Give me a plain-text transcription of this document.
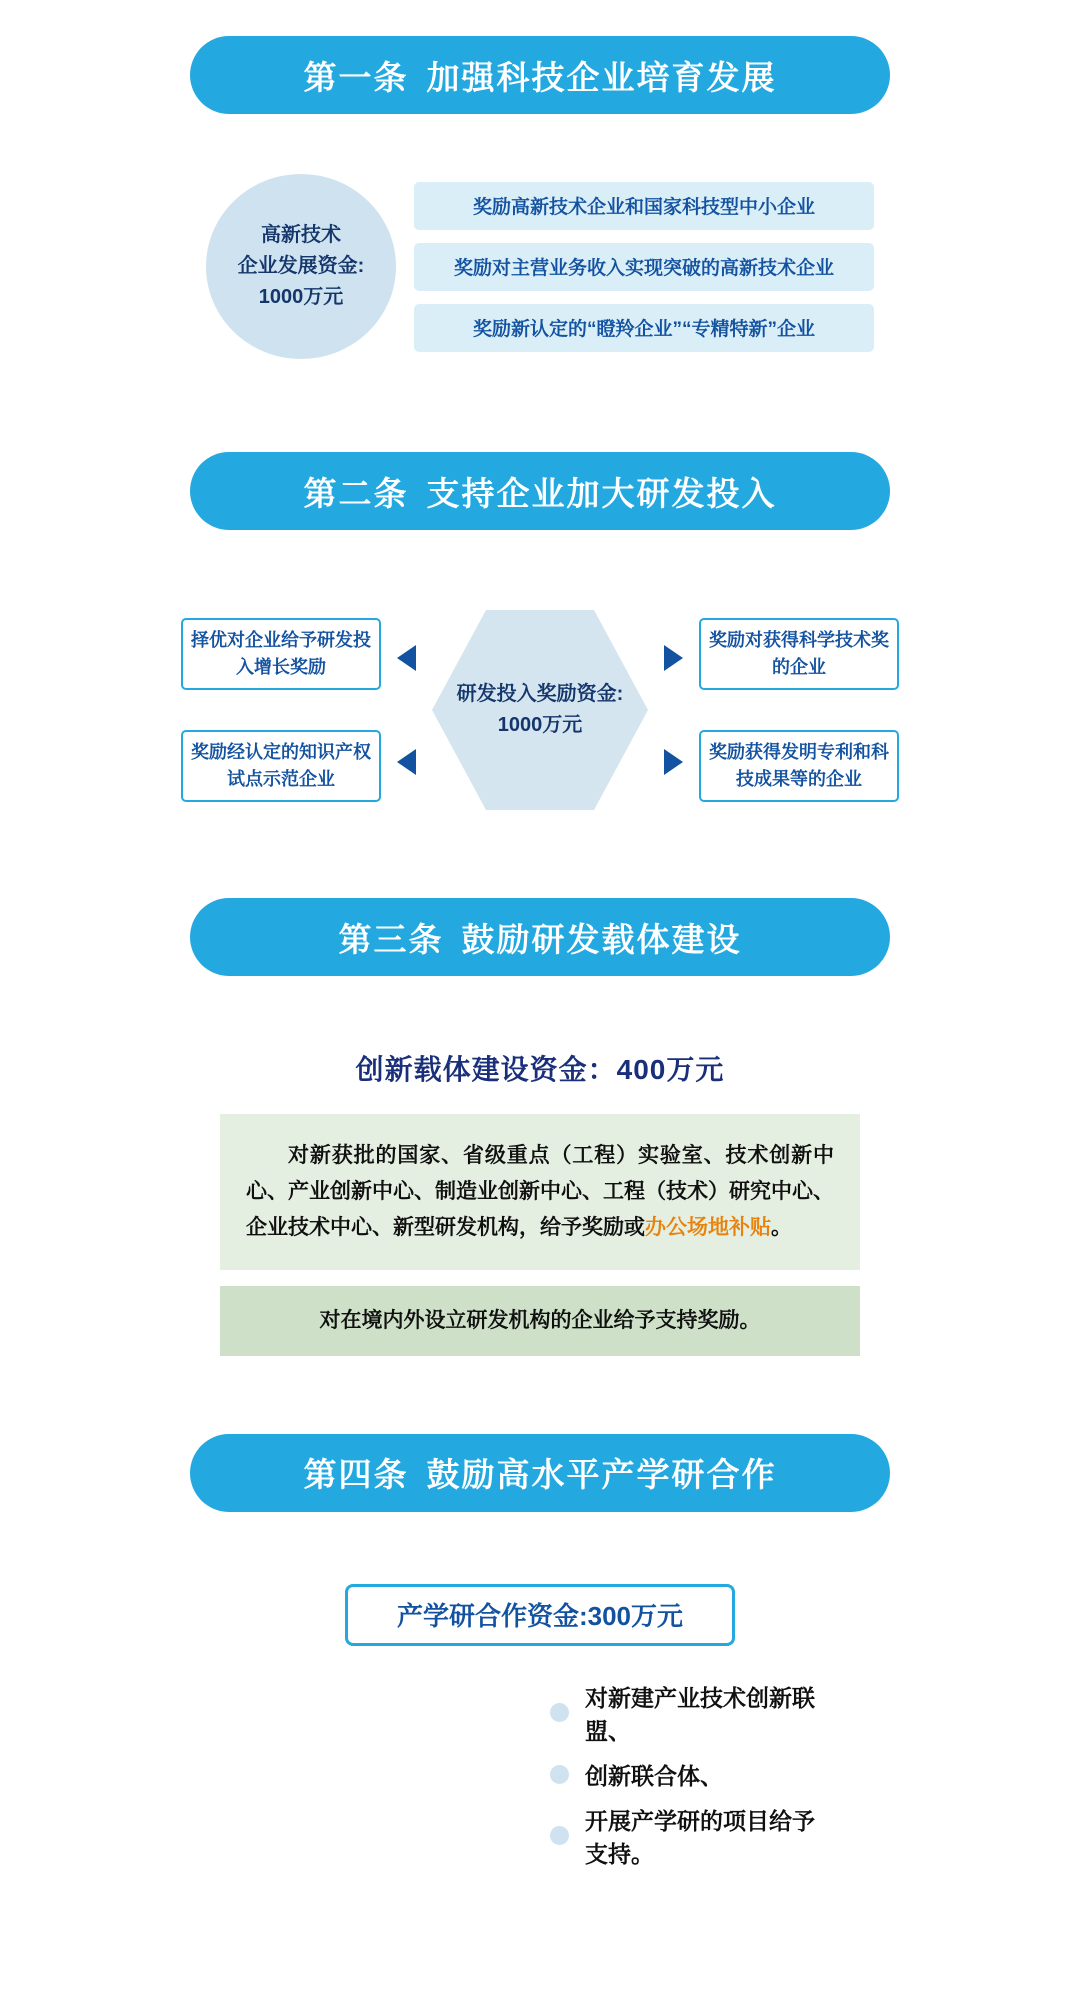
第一条 加强科技企业培育发展
高新技术
企业发展资金:
1000万元
奖励高新技术企业和国家科技型中小企业
奖励对主营业务收入实现突破的高新技术企业
奖励新认定的“瞪羚企业”“专精特新”企业
第二条 支持企业加大研发投入
择优对企业给予研发投入增长奖励
奖励经认定的知识产权试点示范企业
研发投入奖励资金:
1000万元
奖励对获得科学技术奖的企业
奖励获得发明专利和科技成果等的企业
第三条 鼓励研发载体建设
创新载体建设资金：400万元
对新获批的国家、省级重点（工程）实验室、技术创新中心、产业创新中心、制造业创新中心、工程（技术）研究中心、企业技术中心、新型研发机构，给予奖励或办公场地补贴。
对在境内外设立研发机构的企业给予支持奖励。
第四条 鼓励高水平产学研合作
产学研合作资金:300万元
对新建产业技术创新联盟、
创新联合体、
开展产学研的项目给予支持。
